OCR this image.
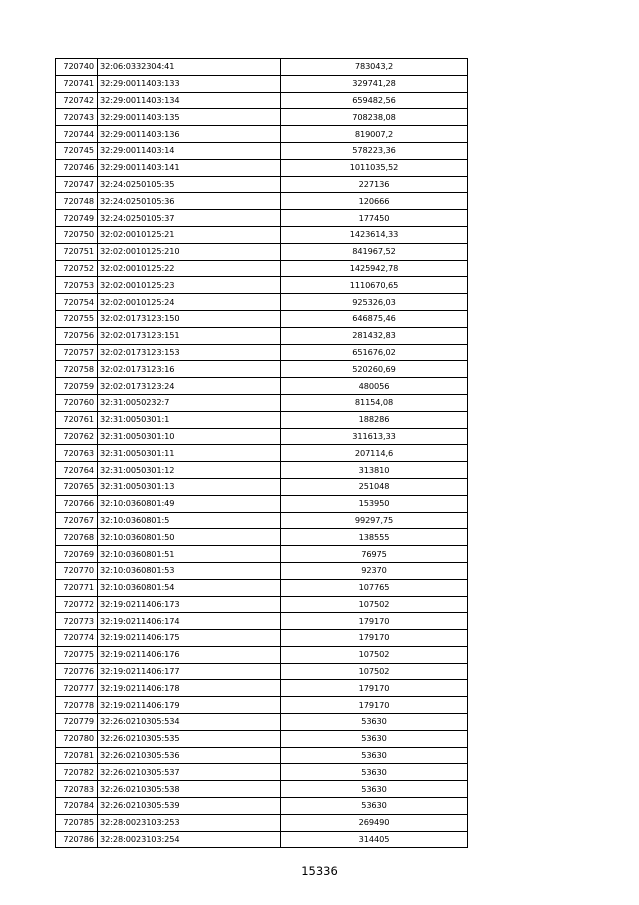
720740	32:06:0332304:41	783043,2
720741	32:29:0011403:133	329741,28
720742	32:29:0011403:134	659482,56
720743	32:29:0011403:135	708238,08
720744	32:29:0011403:136	819007,2
720745	32:29:0011403:14	578223,36
720746	32:29:0011403:141	1011035,52
720747	32:24:0250105:35	227136
720748	32:24:0250105:36	120666
720749	32:24:0250105:37	177450
720750	32:02:0010125:21	1423614,33
720751	32:02:0010125:210	841967,52
720752	32:02:0010125:22	1425942,78
720753	32:02:0010125:23	1110670,65
720754	32:02:0010125:24	925326,03
720755	32:02:0173123:150	646875,46
720756	32:02:0173123:151	281432,83
720757	32:02:0173123:153	651676,02
720758	32:02:0173123:16	520260,69
720759	32:02:0173123:24	480056
720760	32:31:0050232:7	81154,08
720761	32:31:0050301:1	188286
720762	32:31:0050301:10	311613,33
720763	32:31:0050301:11	207114,6
720764	32:31:0050301:12	313810
720765	32:31:0050301:13	251048
720766	32:10:0360801:49	153950
720767	32:10:0360801:5	99297,75
720768	32:10:0360801:50	138555
720769	32:10:0360801:51	76975
720770	32:10:0360801:53	92370
720771	32:10:0360801:54	107765
720772	32:19:0211406:173	107502
720773	32:19:0211406:174	179170
720774	32:19:0211406:175	179170
720775	32:19:0211406:176	107502
720776	32:19:0211406:177	107502
720777	32:19:0211406:178	179170
720778	32:19:0211406:179	179170
720779	32:26:0210305:534	53630
720780	32:26:0210305:535	53630
720781	32:26:0210305:536	53630
720782	32:26:0210305:537	53630
720783	32:26:0210305:538	53630
720784	32:26:0210305:539	53630
720785	32:28:0023103:253	269490
720786	32:28:0023103:254	314405
15336
